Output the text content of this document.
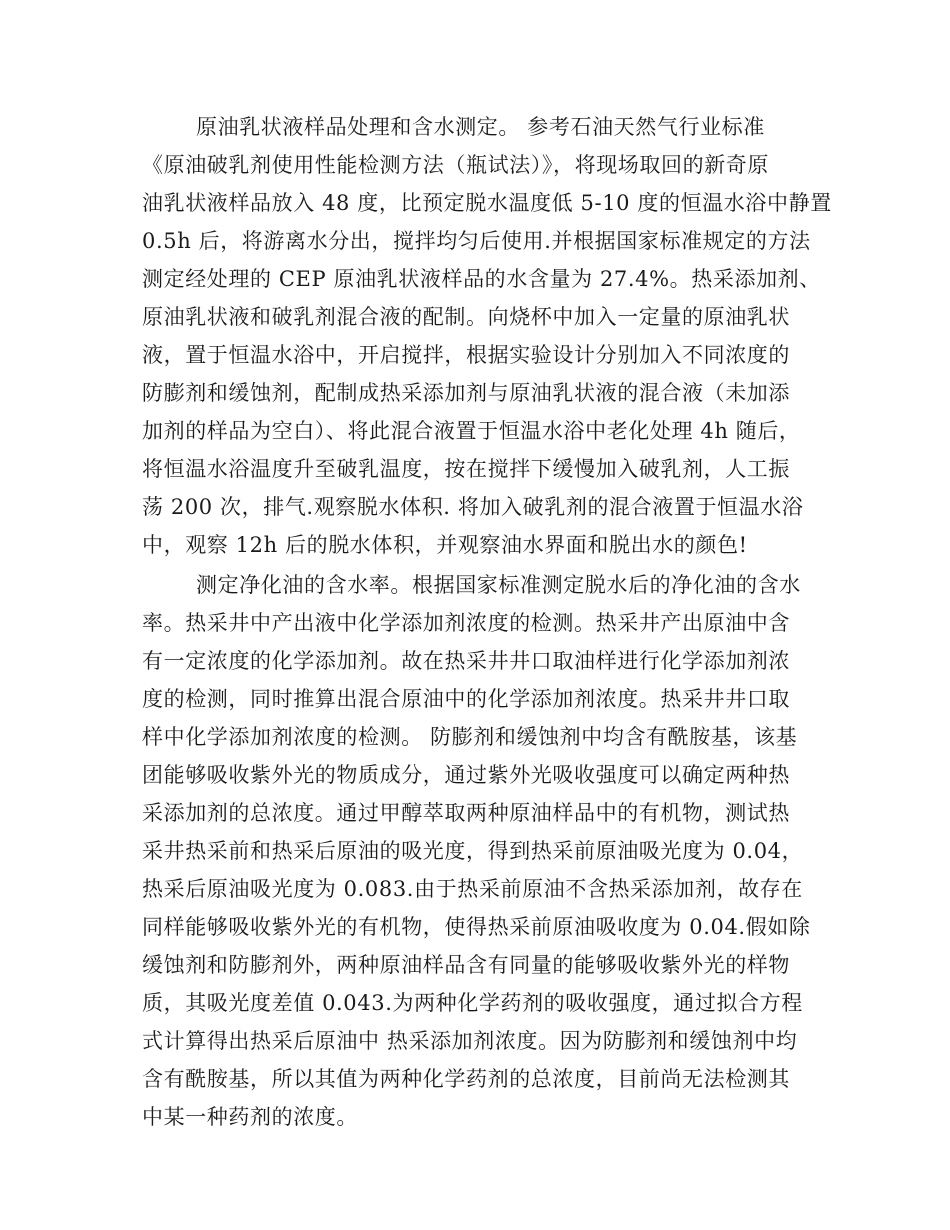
原油乳状液样品处理和含水测定。 参考石油天然气行业标准
《原油破乳剂使用性能检测方法（瓶试法）》，将现场取回的新奇原
油乳状液样品放入 48 度，比预定脱水温度低 5-10 度的恒温水浴中静置
0.5h 后，将游离水分出，搅拌均匀后使用.并根据国家标准规定的方法
测定经处理的 CEP 原油乳状液样品的水含量为 27.4%。热采添加剂、
原油乳状液和破乳剂混合液的配制。向烧杯中加入一定量的原油乳状
液，置于恒温水浴中，开启搅拌，根据实验设计分别加入不同浓度的
防膨剂和缓蚀剂，配制成热采添加剂与原油乳状液的混合液（未加添
加剂的样品为空白）、将此混合液置于恒温水浴中老化处理 4h 随后，
将恒温水浴温度升至破乳温度，按在搅拌下缓慢加入破乳剂，人工振
荡 200 次，排气.观察脱水体积. 将加入破乳剂的混合液置于恒温水浴
中，观察 12h 后的脱水体积，并观察油水界面和脱出水的颜色!
测定净化油的含水率。根据国家标准测定脱水后的净化油的含水
率。热采井中产出液中化学添加剂浓度的检测。热采井产出原油中含
有一定浓度的化学添加剂。故在热采井井口取油样进行化学添加剂浓
度的检测，同时推算出混合原油中的化学添加剂浓度。热采井井口取
样中化学添加剂浓度的检测。 防膨剂和缓蚀剂中均含有酰胺基，该基
团能够吸收紫外光的物质成分，通过紫外光吸收强度可以确定两种热
采添加剂的总浓度。通过甲醇萃取两种原油样品中的有机物，测试热
采井热采前和热采后原油的吸光度，得到热采前原油吸光度为 0.04，
热采后原油吸光度为 0.083.由于热采前原油不含热采添加剂，故存在
同样能够吸收紫外光的有机物，使得热采前原油吸收度为 0.04.假如除
缓蚀剂和防膨剂外，两种原油样品含有同量的能够吸收紫外光的样物
质，其吸光度差值 0.043.为两种化学药剂的吸收强度，通过拟合方程
式计算得出热采后原油中 热采添加剂浓度。因为防膨剂和缓蚀剂中均
含有酰胺基，所以其值为两种化学药剂的总浓度，目前尚无法检测其
中某一种药剂的浓度。
